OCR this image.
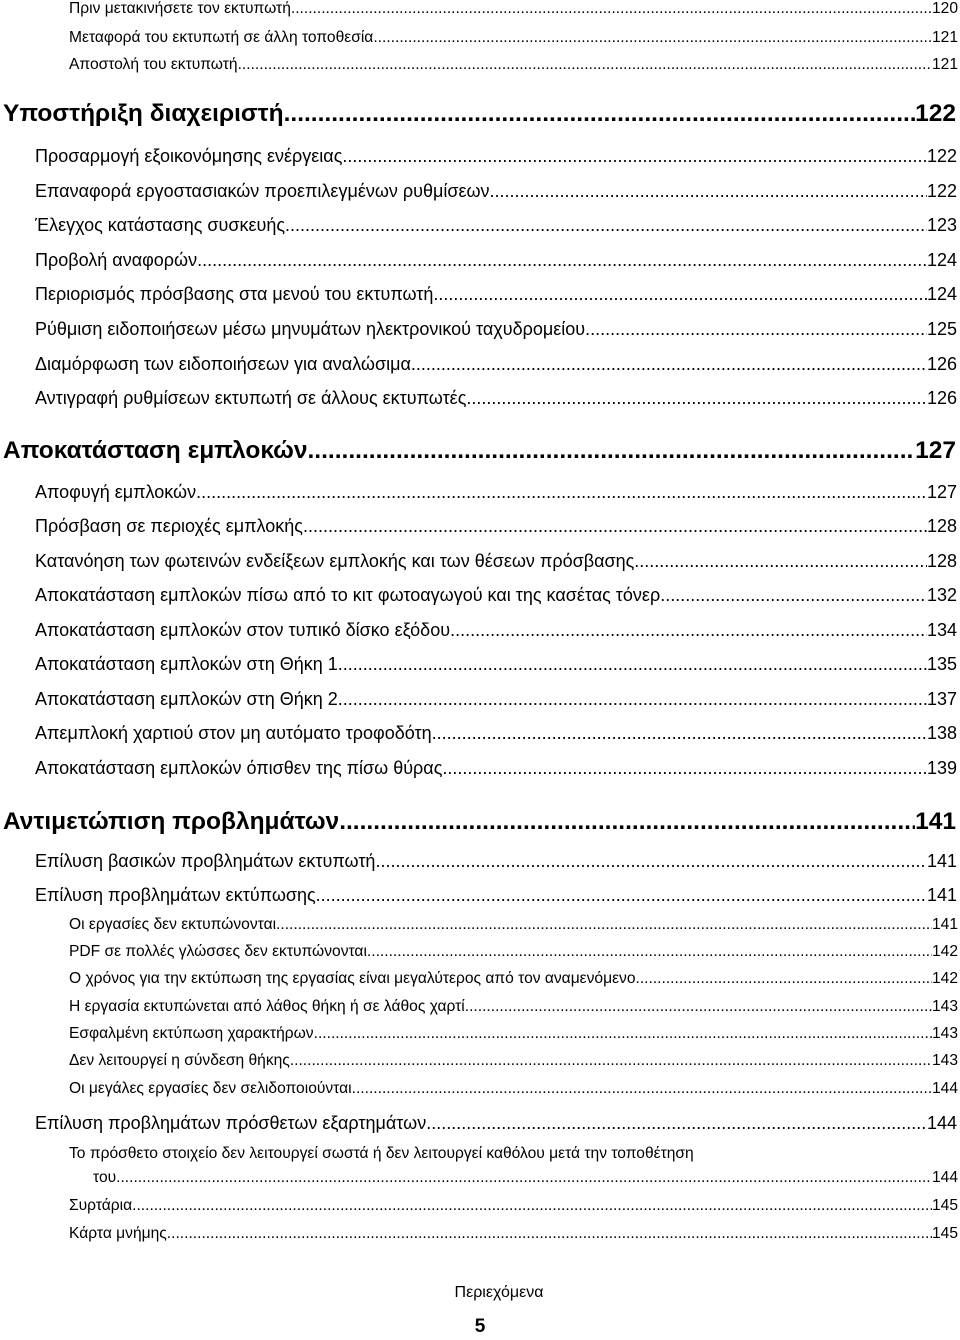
Πριν μετακινήσετε τον εκτυπωτή .....	120
Μεταφορά του εκτυπωτή σε άλλη τοποθεσία .....	121
Αποστολή του εκτυπωτή .....	121
Υποστήριξη διαχειριστή .....	122
Προσαρμογή εξοικονόμησης ενέργειας .....	122
Επαναφορά εργοστασιακών προεπιλεγμένων ρυθμίσεων .....	122
Έλεγχος κατάστασης συσκευής .....	123
Προβολή αναφορών .....	124
Περιορισμός πρόσβασης στα μενού του εκτυπωτή .....	124
Ρύθμιση ειδοποιήσεων μέσω μηνυμάτων ηλεκτρονικού ταχυδρομείου .....	125
Διαμόρφωση των ειδοποιήσεων για αναλώσιμα .....	126
Αντιγραφή ρυθμίσεων εκτυπωτή σε άλλους εκτυπωτές .....	126
Αποκατάσταση εμπλοκών .....	127
Αποφυγή εμπλοκών .....	127
Πρόσβαση σε περιοχές εμπλοκής .....	128
Κατανόηση των φωτεινών ενδείξεων εμπλοκής και των θέσεων πρόσβασης .....	128
Αποκατάσταση εμπλοκών πίσω από το κιτ φωτοαγωγού και της κασέτας τόνερ .....	132
Αποκατάσταση εμπλοκών στον τυπικό δίσκο εξόδου .....	134
Αποκατάσταση εμπλοκών στη Θήκη 1 .....	135
Αποκατάσταση εμπλοκών στη Θήκη 2 .....	137
Απεμπλοκή χαρτιού στον μη αυτόματο τροφοδότη .....	138
Αποκατάσταση εμπλοκών όπισθεν της πίσω θύρας .....	139
Αντιμετώπιση προβλημάτων .....	141
Επίλυση βασικών προβλημάτων εκτυπωτή .....	141
Επίλυση προβλημάτων εκτύπωσης .....	141
Οι εργασίες δεν εκτυπώνονται .....	141
PDF σε πολλές γλώσσες δεν εκτυπώνονται .....	142
Ο χρόνος για την εκτύπωση της εργασίας είναι μεγαλύτερος από τον αναμενόμενο .....	142
Η εργασία εκτυπώνεται από λάθος θήκη ή σε λάθος χαρτί .....	143
Εσφαλμένη εκτύπωση χαρακτήρων .....	143
Δεν λειτουργεί η σύνδεση θήκης .....	143
Οι μεγάλες εργασίες δεν σελιδοποιούνται .....	144
Επίλυση προβλημάτων πρόσθετων εξαρτημάτων .....	144
Το πρόσθετο στοιχείο δεν λειτουργεί σωστά ή δεν λειτουργεί καθόλου μετά την τοποθέτηση
του .....	144
Συρτάρια .....	145
Κάρτα μνήμης .....	145
Περιεχόμενα
5
